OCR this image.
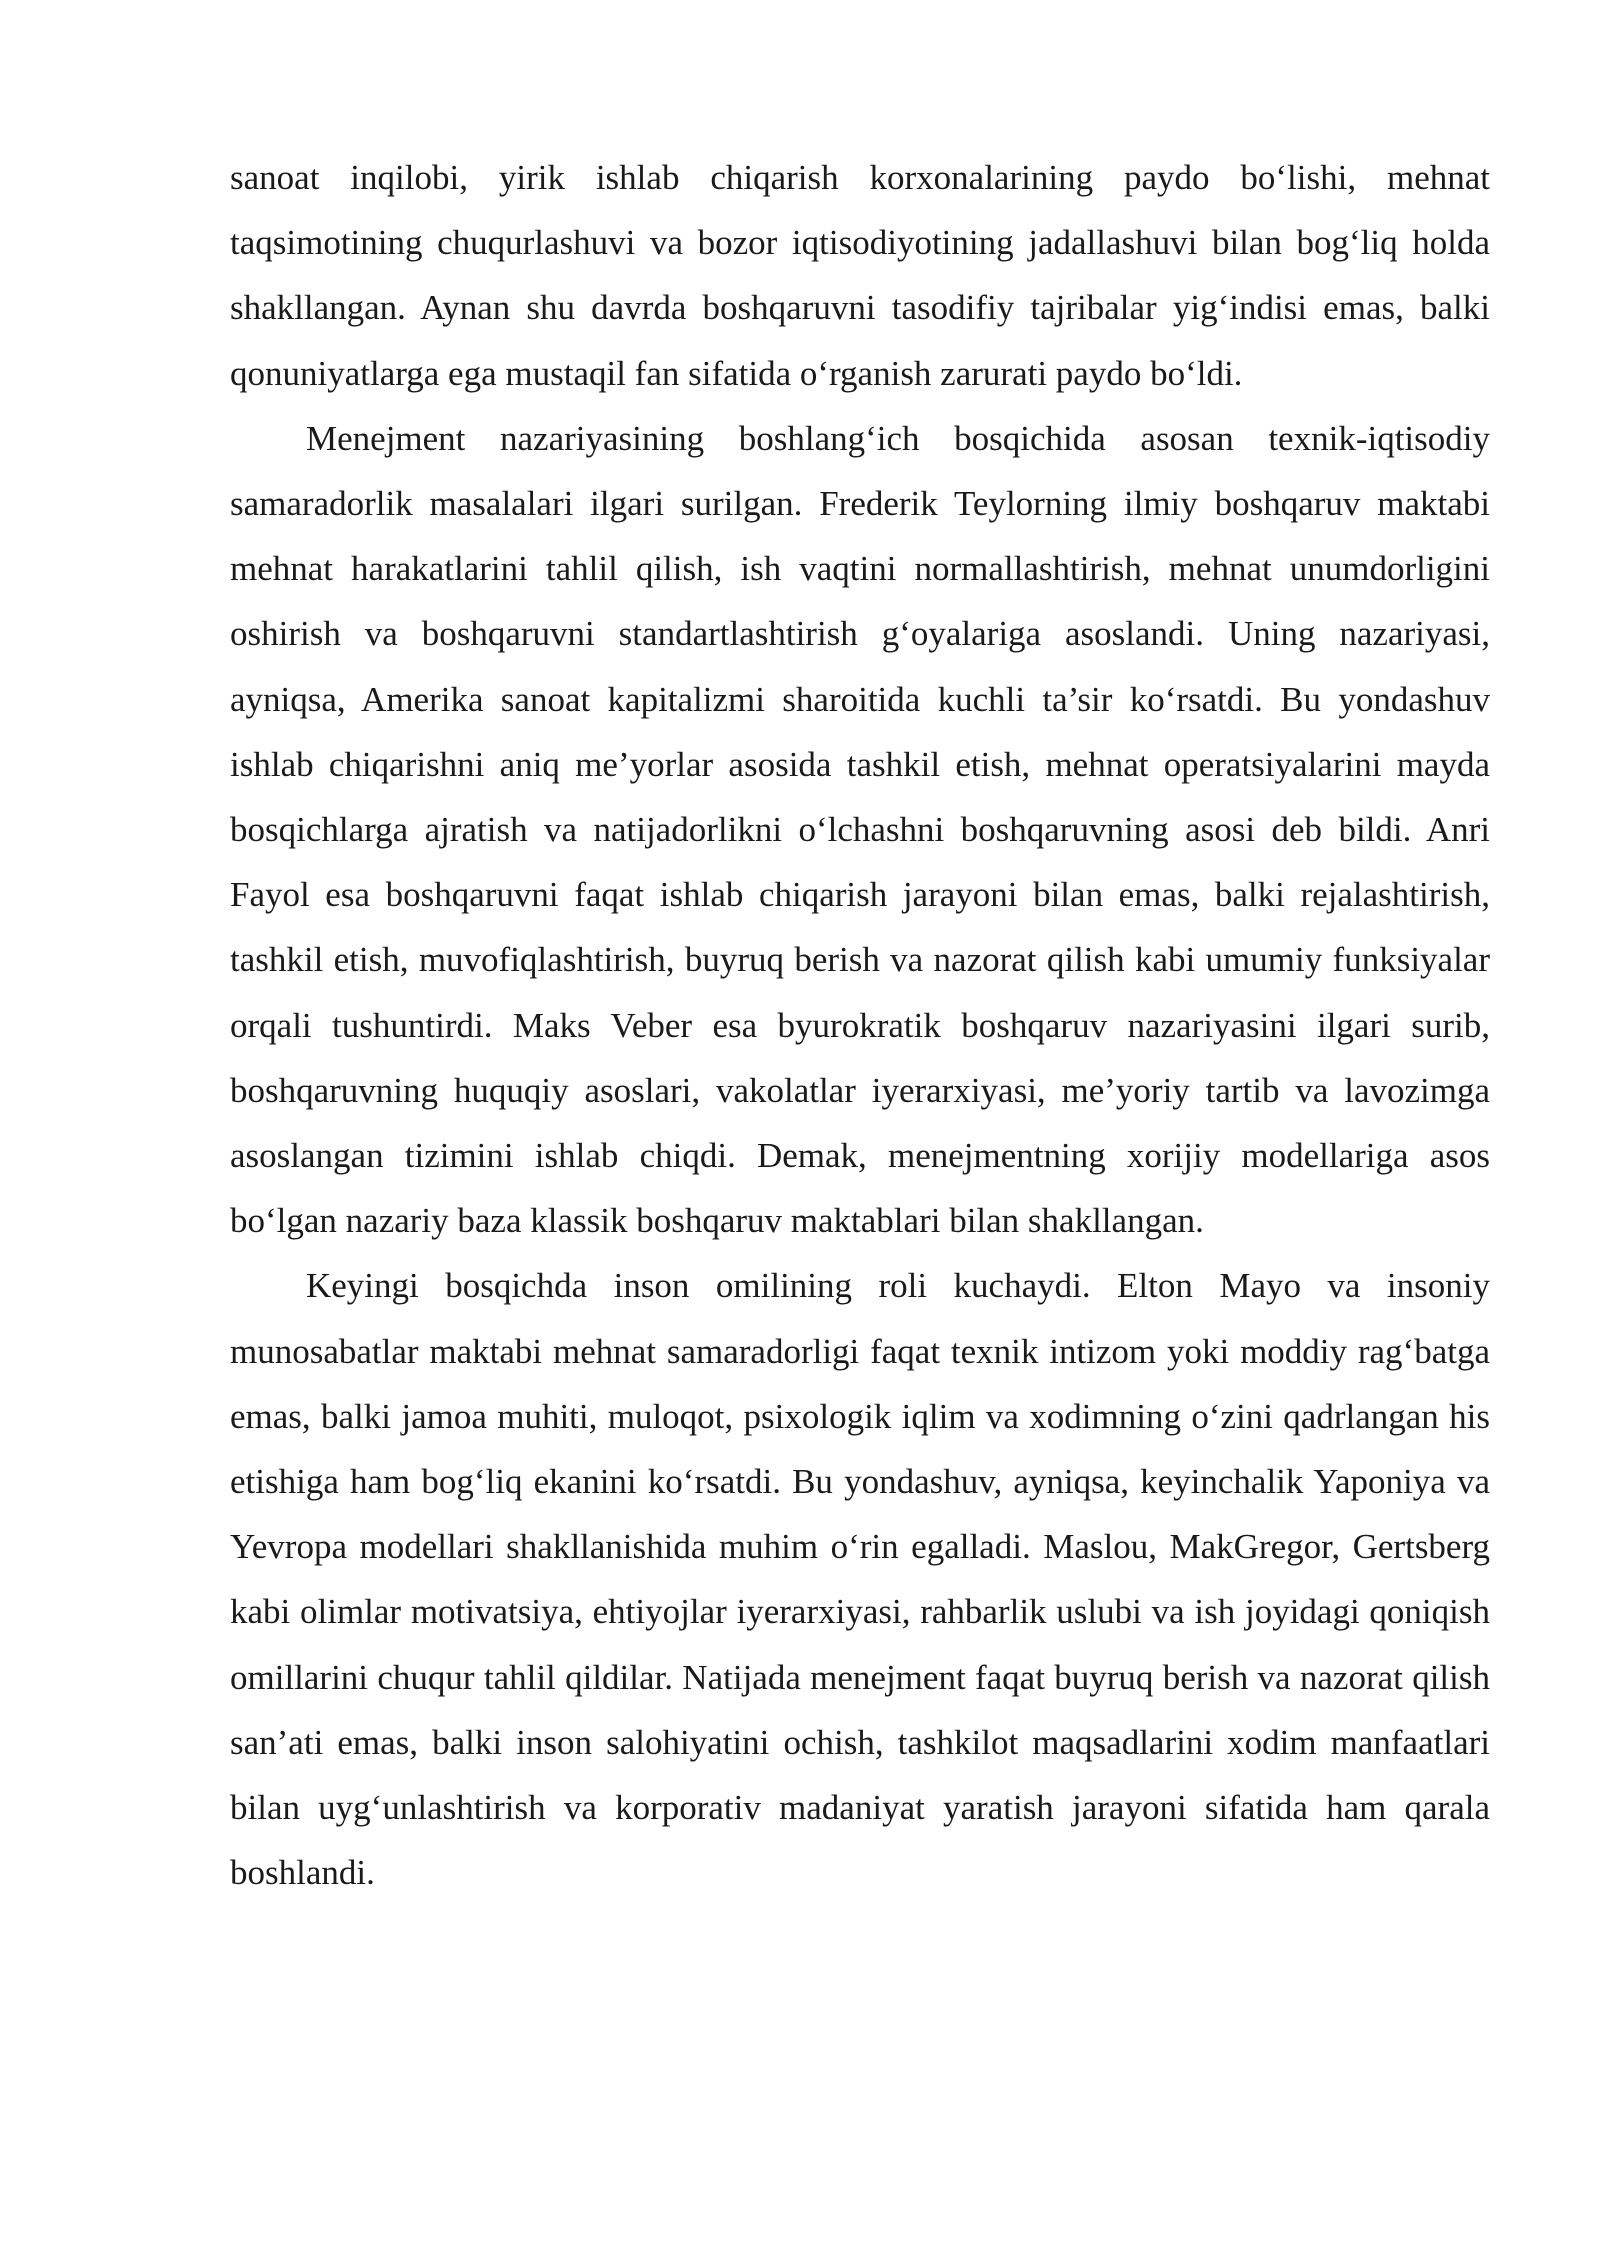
sanoat inqilobi, yirik ishlab chiqarish korxonalarining paydo bo‘lishi, mehnat taqsimotining chuqurlashuvi va bozor iqtisodiyotining jadallashuvi bilan bog‘liq holda shakllangan. Aynan shu davrda boshqaruvni tasodifiy tajribalar yig‘indisi emas, balki qonuniyatlarga ega mustaqil fan sifatida o‘rganish zarurati paydo bo‘ldi.

Menejment nazariyasining boshlang‘ich bosqichida asosan texnik-iqtisodiy samaradorlik masalalari ilgari surilgan. Frederik Teylorning ilmiy boshqaruv maktabi mehnat harakatlarini tahlil qilish, ish vaqtini normallashtirish, mehnat unumdorligini oshirish va boshqaruvni standartlashtirish g‘oyalariga asoslandi. Uning nazariyasi, ayniqsa, Amerika sanoat kapitalizmi sharoitida kuchli ta’sir ko‘rsatdi. Bu yondashuv ishlab chiqarishni aniq me’yorlar asosida tashkil etish, mehnat operatsiyalarini mayda bosqichlarga ajratish va natijadorlikni o‘lchashni boshqaruvning asosi deb bildi. Anri Fayol esa boshqaruvni faqat ishlab chiqarish jarayoni bilan emas, balki rejalashtirish, tashkil etish, muvofiqlashtirish, buyruq berish va nazorat qilish kabi umumiy funksiyalar orqali tushuntirdi. Maks Veber esa byurokratik boshqaruv nazariyasini ilgari surib, boshqaruvning huquqiy asoslari, vakolatlar iyerarxiyasi, me’yoriy tartib va lavozimga asoslangan tizimini ishlab chiqdi. Demak, menejmentning xorijiy modellariga asos bo‘lgan nazariy baza klassik boshqaruv maktablari bilan shakllangan.

Keyingi bosqichda inson omilining roli kuchaydi. Elton Mayo va insoniy munosabatlar maktabi mehnat samaradorligi faqat texnik intizom yoki moddiy rag‘batga emas, balki jamoa muhiti, muloqot, psixologik iqlim va xodimning o‘zini qadrlangan his etishiga ham bog‘liq ekanini ko‘rsatdi. Bu yondashuv, ayniqsa, keyinchalik Yaponiya va Yevropa modellari shakllanishida muhim o‘rin egalladi. Maslou, MakGregor, Gertsberg kabi olimlar motivatsiya, ehtiyojlar iyerarxiyasi, rahbarlik uslubi va ish joyidagi qoniqish omillarini chuqur tahlil qildilar. Natijada menejment faqat buyruq berish va nazorat qilish san’ati emas, balki inson salohiyatini ochish, tashkilot maqsadlarini xodim manfaatlari bilan uyg‘unlashtirish va korporativ madaniyat yaratish jarayoni sifatida ham qarala boshlandi.
